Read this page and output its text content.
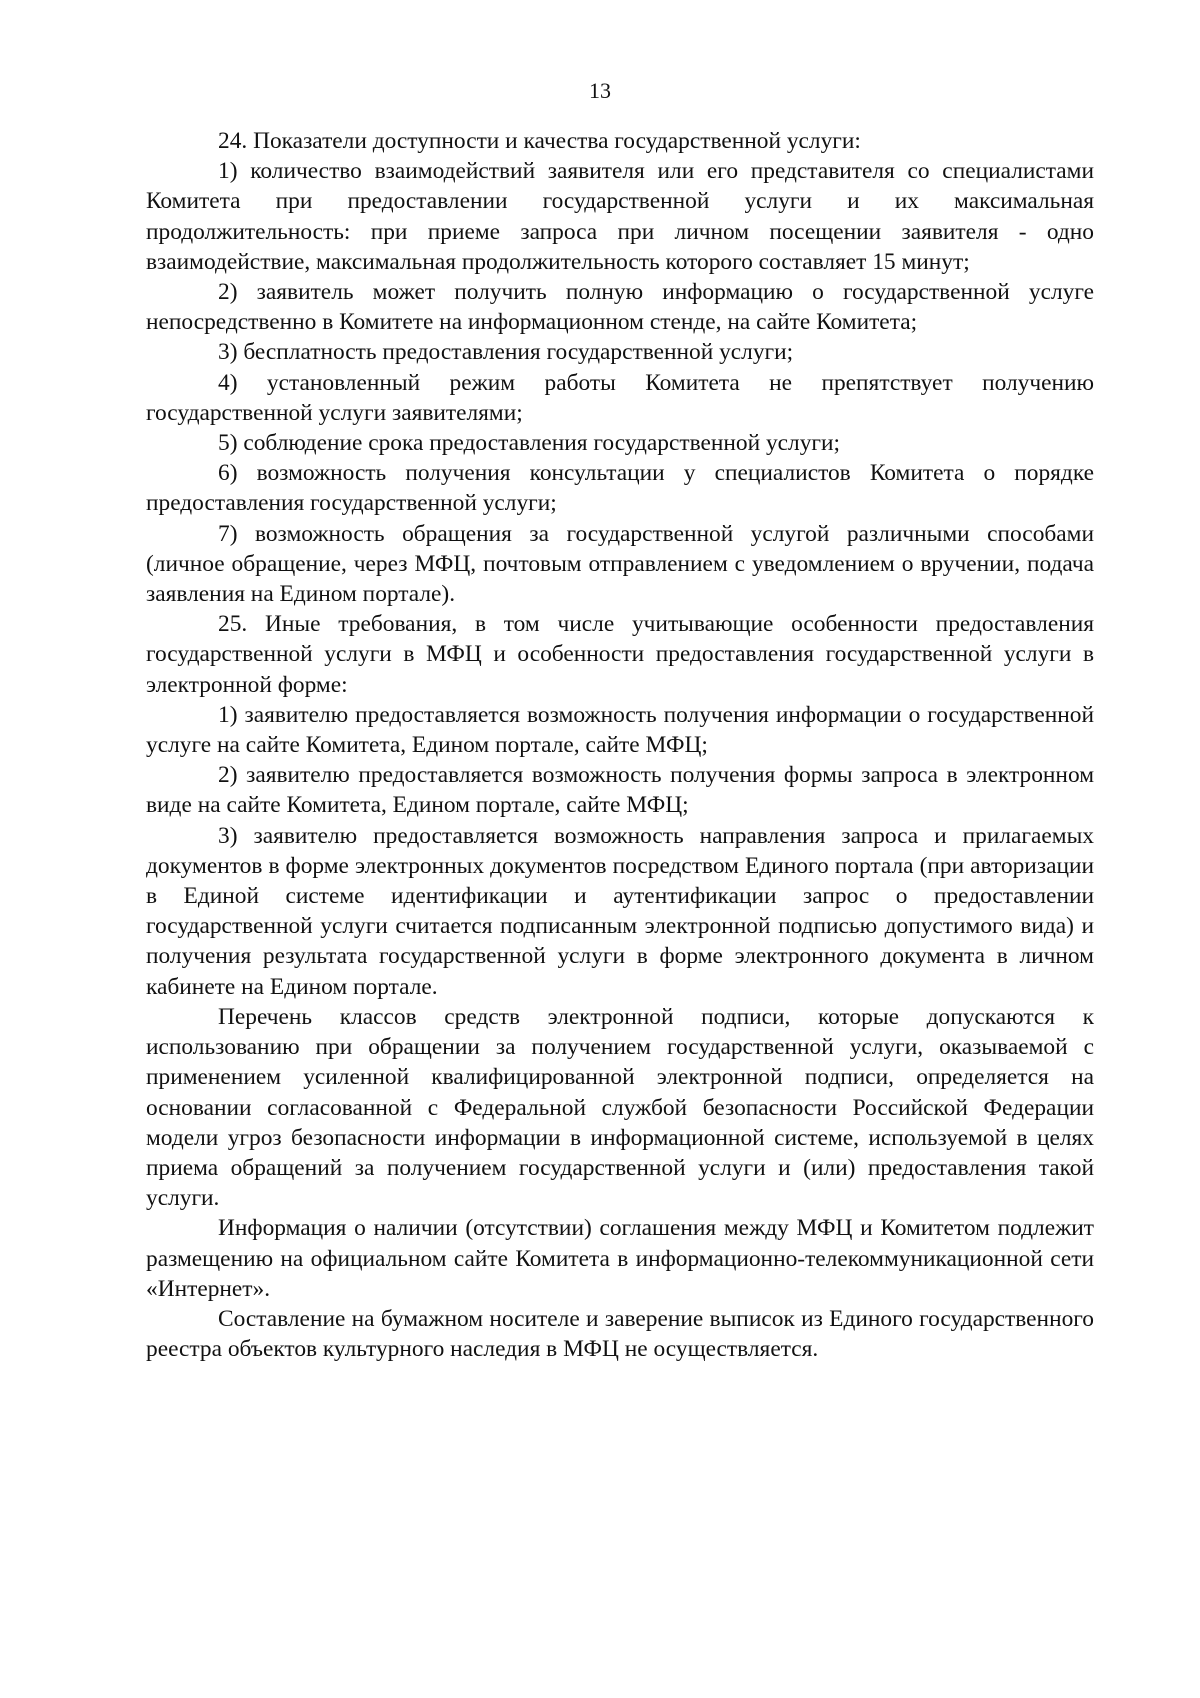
13

24. Показатели доступности и качества государственной услуги:

1) количество взаимодействий заявителя или его представителя со специалистами Комитета при предоставлении государственной услуги и их максимальная продолжительность: при приеме запроса при личном посещении заявителя - одно взаимодействие, максимальная продолжительность которого составляет 15 минут;

2) заявитель может получить полную информацию о государственной услуге непосредственно в Комитете на информационном стенде, на сайте Комитета;

3) бесплатность предоставления государственной услуги;

4) установленный режим работы Комитета не препятствует получению государственной услуги заявителями;

5) соблюдение срока предоставления государственной услуги;

6) возможность получения консультации у специалистов Комитета о порядке предоставления государственной услуги;

7) возможность обращения за государственной услугой различными способами (личное обращение, через МФЦ, почтовым отправлением с уведомлением о вручении, подача заявления на Едином портале).

25. Иные требования, в том числе учитывающие особенности предоставления государственной услуги в МФЦ и особенности предоставления государственной услуги в электронной форме:

1) заявителю предоставляется возможность получения информации о государственной услуге на сайте Комитета, Едином портале, сайте МФЦ;

2) заявителю предоставляется возможность получения формы запроса в электронном виде на сайте Комитета, Едином портале, сайте МФЦ;

3) заявителю предоставляется возможность направления запроса и прилагаемых документов в форме электронных документов посредством Единого портала (при авторизации в Единой системе идентификации и аутентификации запрос о предоставлении государственной услуги считается подписанным электронной подписью допустимого вида) и получения результата государственной услуги в форме электронного документа в личном кабинете на Едином портале.

Перечень классов средств электронной подписи, которые допускаются к использованию при обращении за получением государственной услуги, оказываемой с применением усиленной квалифицированной электронной подписи, определяется на основании согласованной с Федеральной службой безопасности Российской Федерации модели угроз безопасности информации в информационной системе, используемой в целях приема обращений за получением государственной услуги и (или) предоставления такой услуги.

Информация о наличии (отсутствии) соглашения между МФЦ и Комитетом подлежит размещению на официальном сайте Комитета в информационно-телекоммуникационной сети «Интернет».

Составление на бумажном носителе и заверение выписок из Единого государственного реестра объектов культурного наследия в МФЦ не осуществляется.
